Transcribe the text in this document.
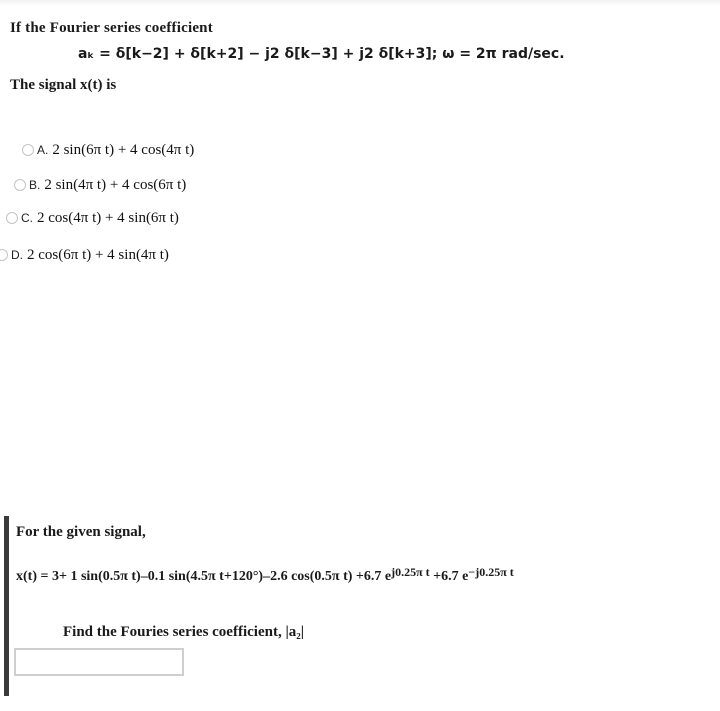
If the Fourier series coefficient
aₖ = δ[k−2] + δ[k+2] − j2 δ[k−3] + j2 δ[k+3]; ω = 2π rad/sec.
The signal x(t) is
A. 2 sin(6π t) + 4 cos(4π t)
B. 2 sin(4π t) + 4 cos(6π t)
C. 2 cos(4π t) + 4 sin(6π t)
D. 2 cos(6π t) + 4 sin(4π t)
For the given signal,
x(t) = 3+ 1 sin(0.5π t)–0.1 sin(4.5π t+120°)–2.6 cos(0.5π t) +6.7 $e^{j0.25\pi t} +6.7$ $e^{-j0.25\pi t}$
Find the Fouries series coefficient, |a₂|
